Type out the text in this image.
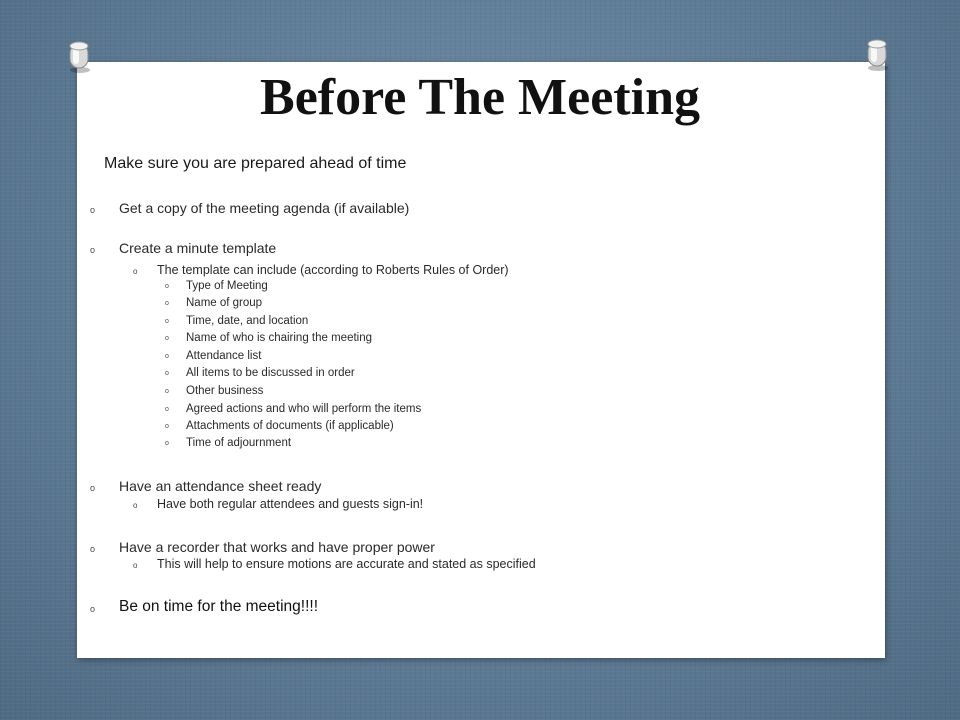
Before The Meeting
Make sure you are prepared ahead of time
o Get a copy of the meeting agenda (if available)
o Create a minute template
o The template can include (according to Roberts Rules of Order)
o Type of Meeting
o Name of group
o Time, date, and location
o Name of who is chairing the meeting
o Attendance list
o All items to be discussed in order
o Other business
o Agreed actions and who will perform the items
o Attachments of documents (if applicable)
o Time of adjournment
o Have an attendance sheet ready
o Have both regular attendees and guests sign-in!
o Have a recorder that works and have proper power
o This will help to ensure motions are accurate and stated as specified
o Be on time for the meeting!!!!
